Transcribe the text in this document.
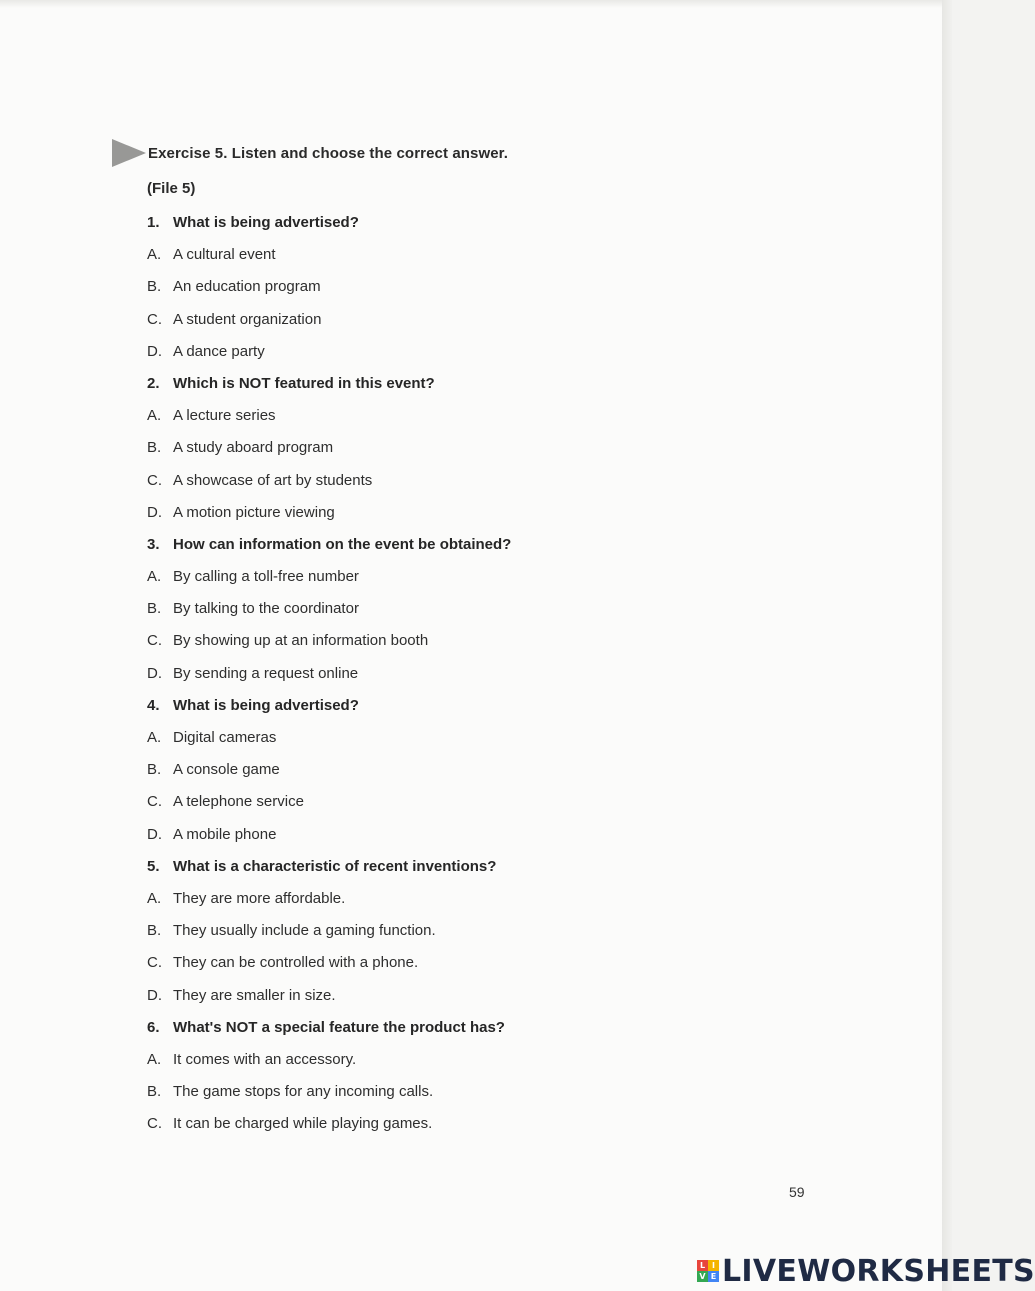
Exercise 5. Listen and choose the correct answer.
(File 5)
1. What is being advertised?
A. A cultural event
B. An education program
C. A student organization
D. A dance party
2. Which is NOT featured in this event?
A. A lecture series
B. A study aboard program
C. A showcase of art by students
D. A motion picture viewing
3. How can information on the event be obtained?
A. By calling a toll-free number
B. By talking to the coordinator
C. By showing up at an information booth
D. By sending a request online
4. What is being advertised?
A. Digital cameras
B. A console game
C. A telephone service
D. A mobile phone
5. What is a characteristic of recent inventions?
A. They are more affordable.
B. They usually include a gaming function.
C. They can be controlled with a phone.
D. They are smaller in size.
6. What's NOT a special feature the product has?
A. It comes with an accessory.
B. The game stops for any incoming calls.
C. It can be charged while playing games.
59
L I
V E LIVEWORKSHEETS
